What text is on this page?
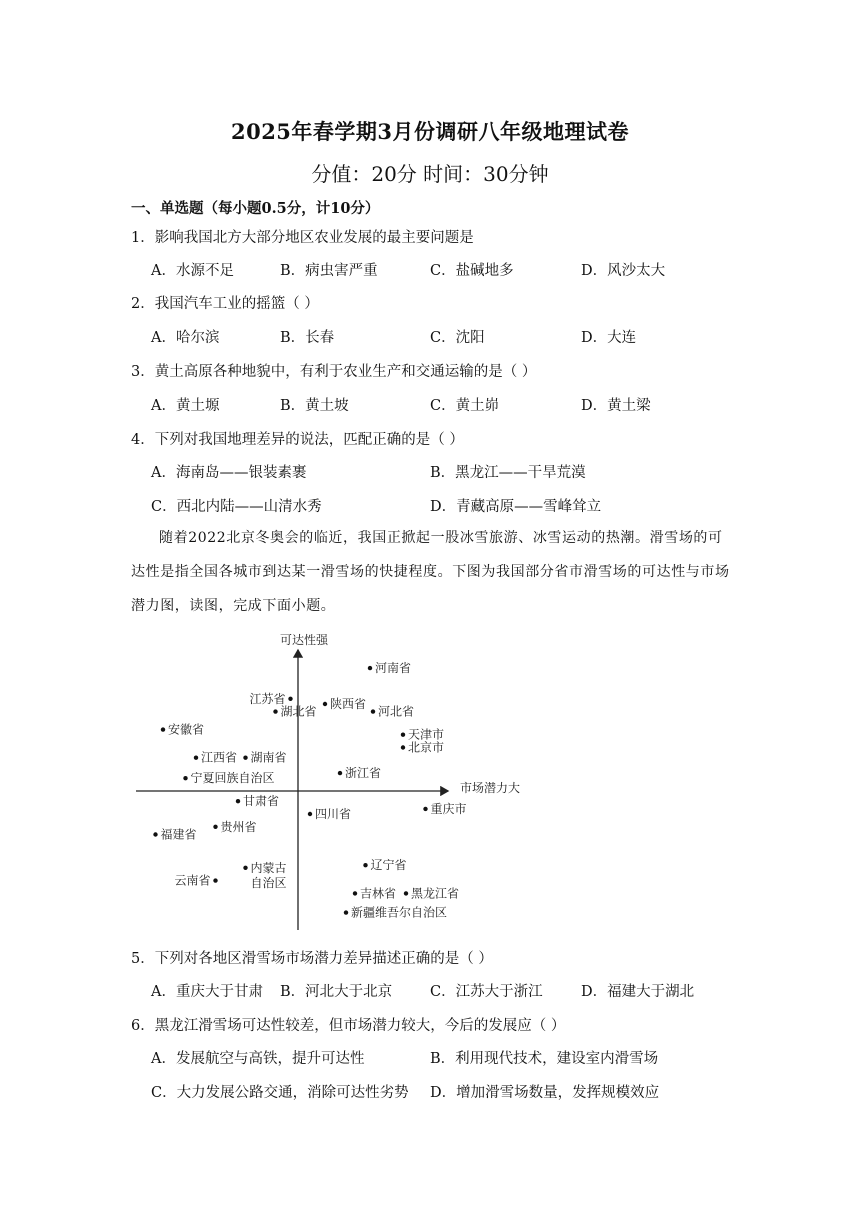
2025年春学期3月份调研八年级地理试卷
分值：20分 时间：30分钟
一、单选题（每小题0.5分，计10分）
1．影响我国北方大部分地区农业发展的最主要问题是
A．水源不足	B．病虫害严重	C．盐碱地多	D．风沙太大
2．我国汽车工业的摇篮（ ）
A．哈尔滨	B．长春	C．沈阳	D．大连
3．黄土高原各种地貌中，有利于农业生产和交通运输的是（ ）
A．黄土塬	B．黄土坡	C．黄土峁	D．黄土梁
4．下列对我国地理差异的说法，匹配正确的是（ ）
A．海南岛——银装素裹	B．黑龙江——干旱荒漠
C．西北内陆——山清水秀	D．青藏高原——雪峰耸立
随着2022北京冬奥会的临近，我国正掀起一股冰雪旅游、冰雪运动的热潮。滑雪场的可达性是指全国各城市到达某一滑雪场的快捷程度。下图为我国部分省市滑雪场的可达性与市场潜力图，读图，完成下面小题。
可达性强
市场潜力大
河南省
江苏省	陕西省
湖北省	河北省
安徽省	天津市
北京市
江西省 湖南省
浙江省
宁夏回族自治区
甘肃省
重庆市
四川省
贵州省
福建省
辽宁省
云南省
内蒙古自治区
吉林省 黑龙江省
新疆维吾尔自治区
5．下列对各地区滑雪场市场潜力差异描述正确的是（ ）
A．重庆大于甘肃 B．河北大于北京	C．江苏大于浙江	D．福建大于湖北
6．黑龙江滑雪场可达性较差，但市场潜力较大，今后的发展应（ ）
A．发展航空与高铁，提升可达性	B．利用现代技术，建设室内滑雪场
C．大力发展公路交通，消除可达性劣势 D．增加滑雪场数量，发挥规模效应
